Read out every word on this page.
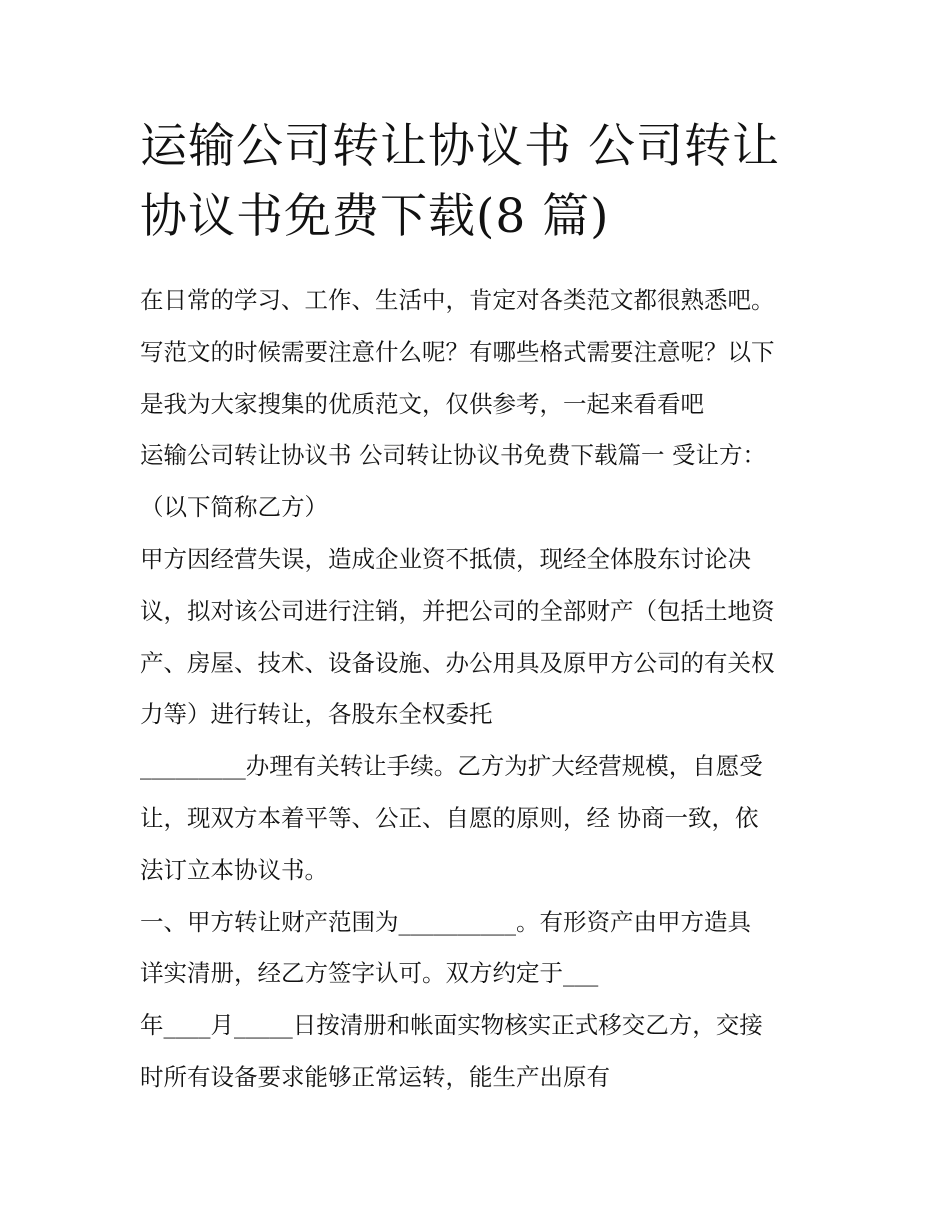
运输公司转让协议书 公司转让
协议书免费下载(8 篇)
在日常的学习、工作、生活中，肯定对各类范文都很熟悉吧。
写范文的时候需要注意什么呢？有哪些格式需要注意呢？以下
是我为大家搜集的优质范文，仅供参考，一起来看看吧
运输公司转让协议书 公司转让协议书免费下载篇一 受让方：
（以下简称乙方）
甲方因经营失误，造成企业资不抵债，现经全体股东讨论决
议，拟对该公司进行注销，并把公司的全部财产（包括土地资
产、房屋、技术、设备设施、办公用具及原甲方公司的有关权
力等）进行转让，各股东全权委托
_________办理有关转让手续。乙方为扩大经营规模，自愿受
让，现双方本着平等、公正、自愿的原则，经 协商一致，依
法订立本协议书。
一、甲方转让财产范围为__________。有形资产由甲方造具
详实清册，经乙方签字认可。双方约定于___
年____月_____日按清册和帐面实物核实正式移交乙方，交接
时所有设备要求能够正常运转，能生产出原有
